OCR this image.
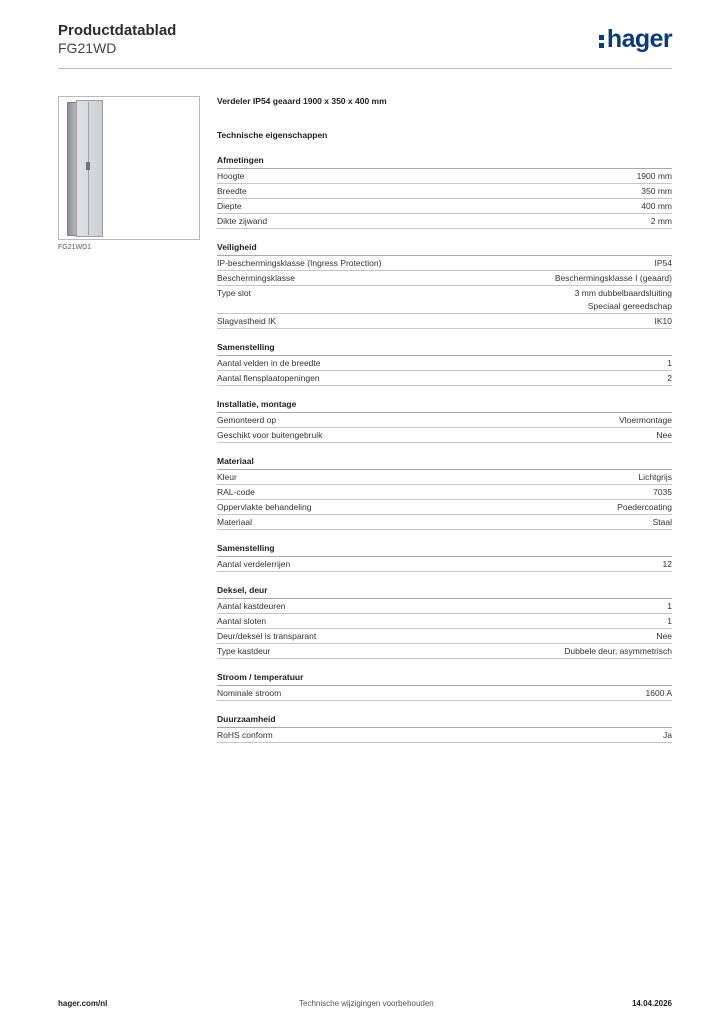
Productdatablad
FG21WD	hager
FG21WD1
Verdeler IP54 geaard 1900 x 350 x 400 mm
Technische eigenschappen
Afmetingen
Hoogte	1900 mm
Breedte	350 mm
Diepte	400 mm
Dikte zijwand	2 mm
Veiligheid
IP-beschermingsklasse (Ingress Protection)	IP54
Beschermingsklasse	Beschermingsklasse I (geaard)
Type slot	3 mm dubbelbaardsluiting
Speciaal gereedschap
Slagvastheid IK	IK10
Samenstelling
Aantal velden in de breedte	1
Aantal flensplaatopeningen	2
Installatie, montage
Gemonteerd op	Vloermontage
Geschikt voor buitengebruik	Nee
Materiaal
Kleur	Lichtgrijs
RAL-code	7035
Oppervlakte behandeling	Poedercoating
Materiaal	Staal
Samenstelling
Aantal verdelerrijen	12
Deksel, deur
Aantal kastdeuren	1
Aantal sloten	1
Deur/deksel is transparant	Nee
Type kastdeur	Dubbele deur, asymmetrisch
Stroom / temperatuur
Nominale stroom	1600 A
Duurzaamheid
RoHS conform	Ja
hager.com/nl	Technische wijzigingen voorbehouden	14.04.2026
